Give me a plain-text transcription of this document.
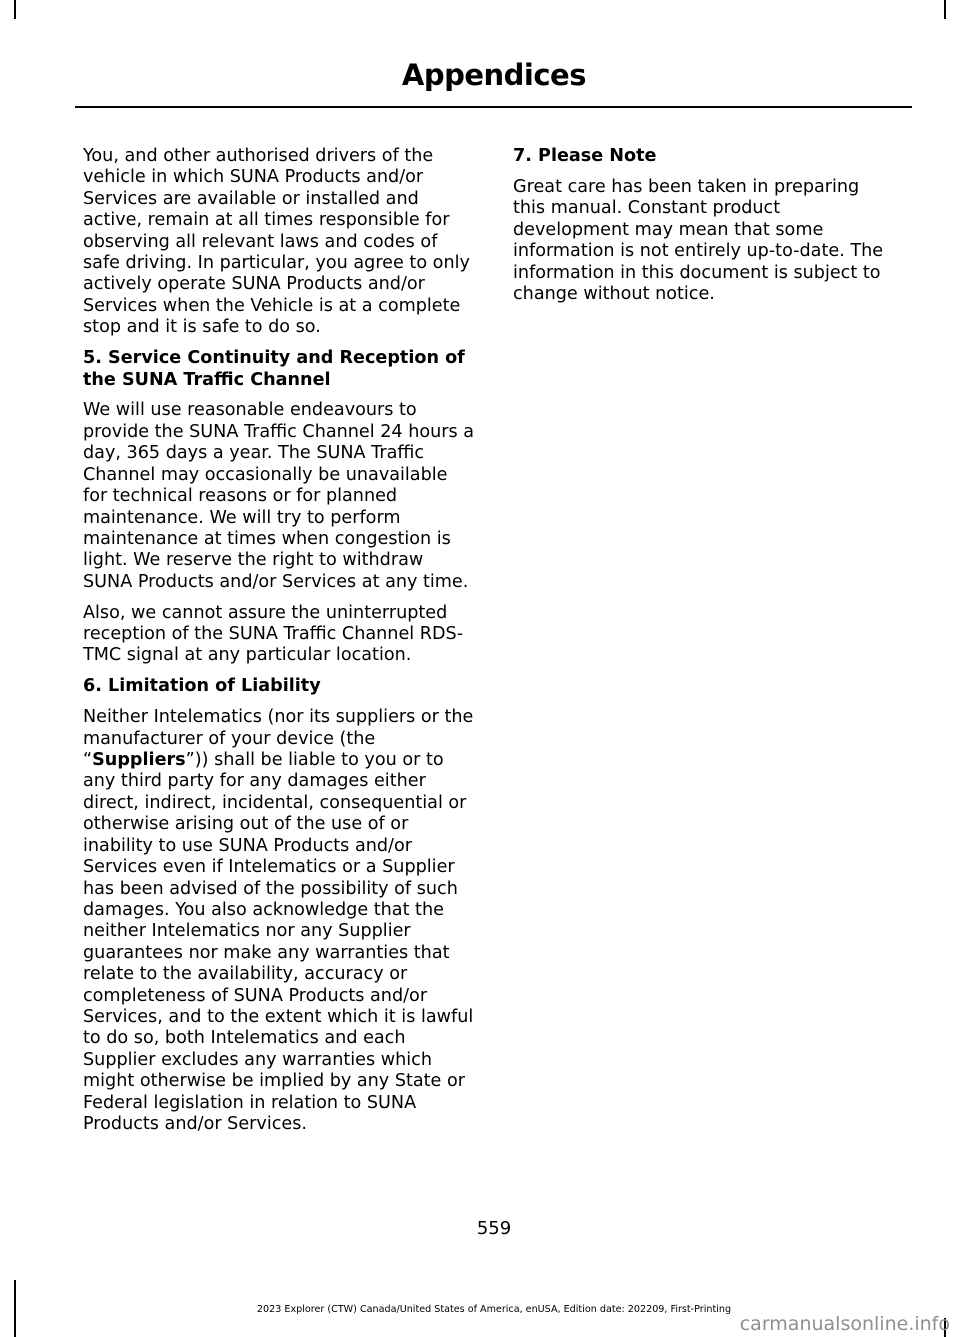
Appendices

You, and other authorised drivers of the vehicle in which SUNA Products and/or Services are available or installed and active, remain at all times responsible for observing all relevant laws and codes of safe driving. In particular, you agree to only actively operate SUNA Products and/or Services when the Vehicle is at a complete stop and it is safe to do so.

5. Service Continuity and Reception of the SUNA Traffic Channel

We will use reasonable endeavours to provide the SUNA Traffic Channel 24 hours a day, 365 days a year. The SUNA Traffic Channel may occasionally be unavailable for technical reasons or for planned maintenance. We will try to perform maintenance at times when congestion is light. We reserve the right to withdraw SUNA Products and/or Services at any time.

Also, we cannot assure the uninterrupted reception of the SUNA Traffic Channel RDS-TMC signal at any particular location.

6. Limitation of Liability

Neither Intelematics (nor its suppliers or the manufacturer of your device (the “Suppliers”)) shall be liable to you or to any third party for any damages either direct, indirect, incidental, consequential or otherwise arising out of the use of or inability to use SUNA Products and/or Services even if Intelematics or a Supplier has been advised of the possibility of such damages. You also acknowledge that the neither Intelematics nor any Supplier guarantees nor make any warranties that relate to the availability, accuracy or completeness of SUNA Products and/or Services, and to the extent which it is lawful to do so, both Intelematics and each Supplier excludes any warranties which might otherwise be implied by any State or Federal legislation in relation to SUNA Products and/or Services.

7. Please Note

Great care has been taken in preparing this manual. Constant product development may mean that some information is not entirely up-to-date. The information in this document is subject to change without notice.

559

2023 Explorer (CTW) Canada/United States of America, enUSA, Edition date: 202209, First-Printing

carmanualsonline.info
